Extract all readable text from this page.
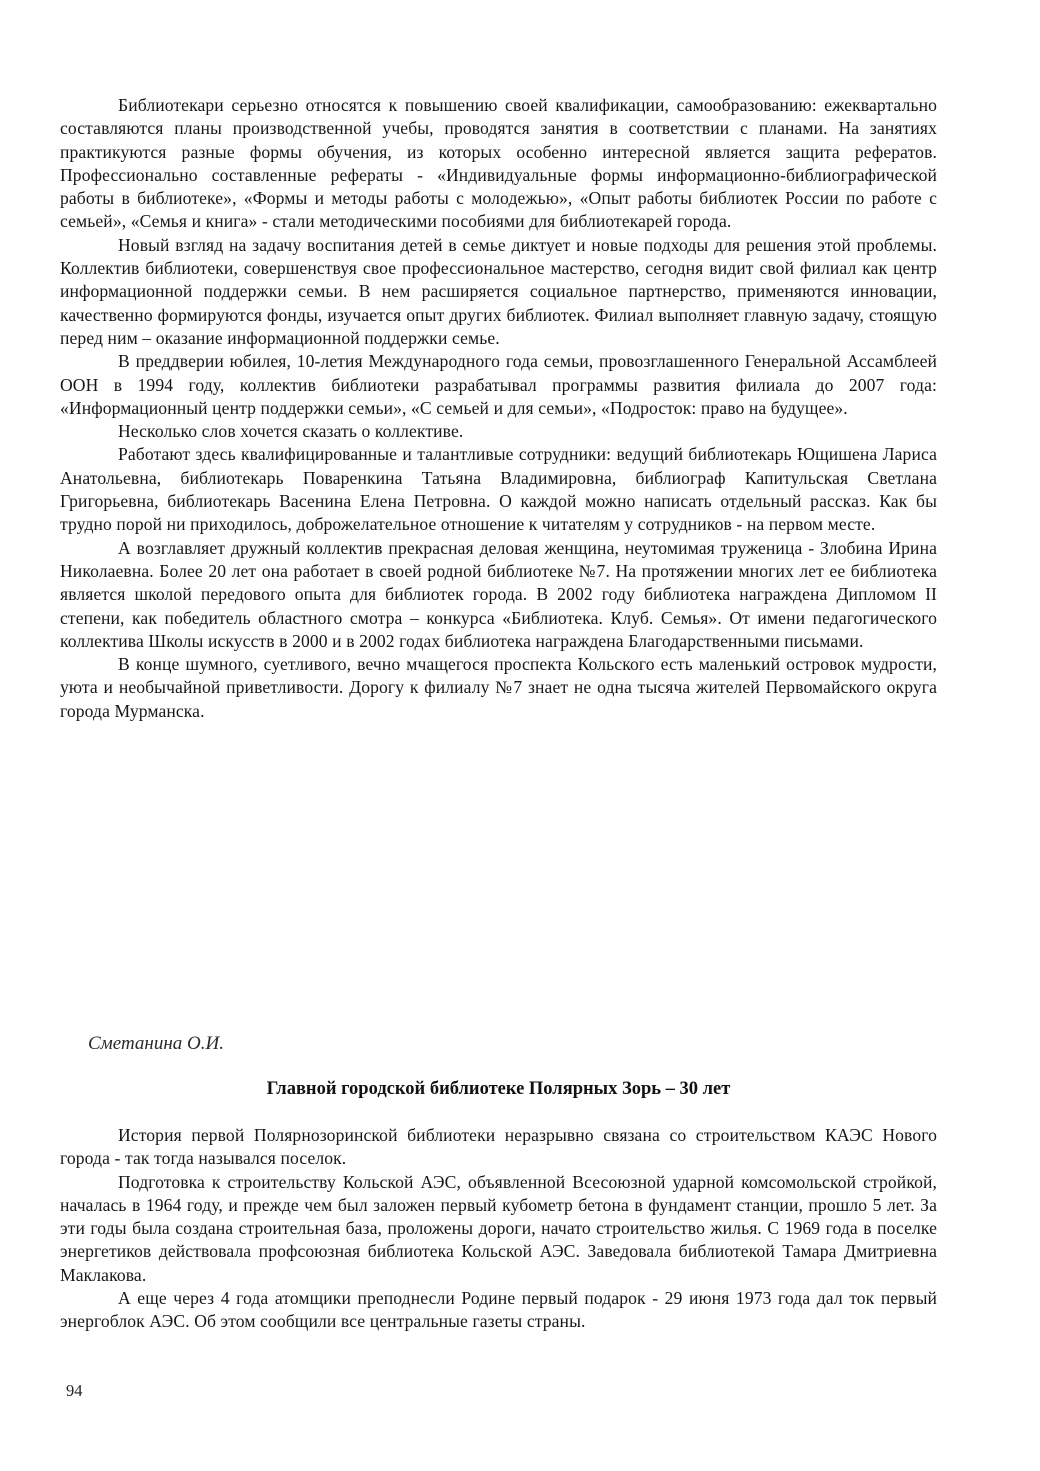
Библиотекари серьезно относятся к повышению своей квалификации, самообразованию: ежеквартально составляются планы производственной учебы, проводятся занятия в соответствии с планами. На занятиях практикуются разные формы обучения, из которых особенно интересной является защита рефератов. Профессионально составленные рефераты - «Индивидуальные формы информационно-библиографической работы в библиотеке», «Формы и методы работы с молодежью», «Опыт работы библиотек России по работе с семьей», «Семья и книга» - стали методическими пособиями для библиотекарей города.

Новый взгляд на задачу воспитания детей в семье диктует и новые подходы для решения этой проблемы. Коллектив библиотеки, совершенствуя свое профессиональное мастерство, сегодня видит свой филиал как центр информационной поддержки семьи. В нем расширяется социальное партнерство, применяются инновации, качественно формируются фонды, изучается опыт других библиотек. Филиал выполняет главную задачу, стоящую перед ним – оказание информационной поддержки семье.

В преддверии юбилея, 10-летия Международного года семьи, провозглашенного Генеральной Ассамблеей ООН в 1994 году, коллектив библиотеки разрабатывал программы развития филиала до 2007 года: «Информационный центр поддержки семьи», «С семьей и для семьи», «Подросток: право на будущее».

Несколько слов хочется сказать о коллективе.

Работают здесь квалифицированные и талантливые сотрудники: ведущий библиотекарь Ющишена Лариса Анатольевна, библиотекарь Поваренкина Татьяна Владимировна, библиограф Капитульская Светлана Григорьевна, библиотекарь Васенина Елена Петровна. О каждой можно написать отдельный рассказ. Как бы трудно порой ни приходилось, доброжелательное отношение к читателям у сотрудников - на первом месте.

А возглавляет дружный коллектив прекрасная деловая женщина, неутомимая труженица - Злобина Ирина Николаевна. Более 20 лет она работает в своей родной библиотеке №7. На протяжении многих лет ее библиотека является школой передового опыта для библиотек города. В 2002 году библиотека награждена Дипломом II степени, как победитель областного смотра – конкурса «Библиотека. Клуб. Семья». От имени педагогического коллектива Школы искусств в 2000 и в 2002 годах библиотека награждена Благодарственными письмами.

В конце шумного, суетливого, вечно мчащегося проспекта Кольского есть маленький островок мудрости, уюта и необычайной приветливости. Дорогу к филиалу №7 знает не одна тысяча жителей Первомайского округа города Мурманска.

Сметанина О.И.
Главной городской библиотеке Полярных Зорь – 30 лет

История первой Полярнозоринской библиотеки неразрывно связана со строительством КАЭС Нового города - так тогда назывался поселок.

Подготовка к строительству Кольской АЭС, объявленной Всесоюзной ударной комсомольской стройкой, началась в 1964 году, и прежде чем был заложен первый кубометр бетона в фундамент станции, прошло 5 лет. За эти годы была создана строительная база, проложены дороги, начато строительство жилья. С 1969 года в поселке энергетиков действовала профсоюзная библиотека Кольской АЭС. Заведовала библиотекой Тамара Дмитриевна Маклакова.

А еще через 4 года атомщики преподнесли Родине первый подарок - 29 июня 1973 года дал ток первый энергоблок АЭС. Об этом сообщили все центральные газеты страны.

94
